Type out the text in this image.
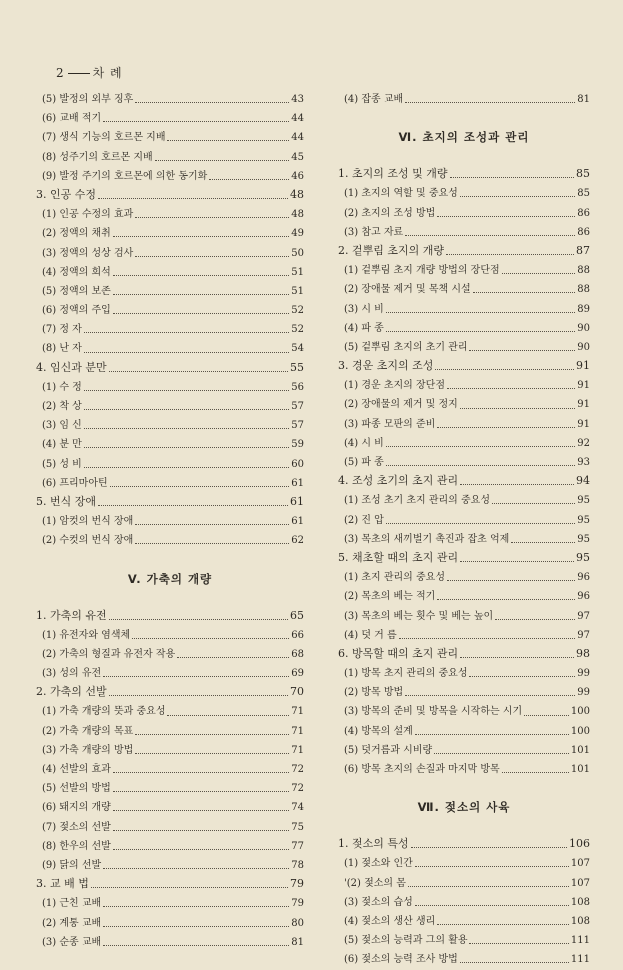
2 차 례
(5) 발정의 외부 징후	43
(6) 교배 적기	44
(7) 생식 기능의 호르몬 지배	44
(8) 성주기의 호르몬 지배	45
(9) 발정 주기의 호르몬에 의한 동기화	46
3. 인공 수정	48
(1) 인공 수정의 효과	48
(2) 정액의 채취	49
(3) 정액의 성상 검사	50
(4) 정액의 희석	51
(5) 정액의 보존	51
(6) 정액의 주입	52
(7) 정 자	52
(8) 난 자	54
4. 임신과 분만	55
(1) 수 정	56
(2) 착 상	57
(3) 임 신	57
(4) 분 만	59
(5) 성 비	60
(6) 프리마아틴	61
5. 번식 장애	61
(1) 암컷의 번식 장애	61
(2) 수컷의 번식 장애	62
V. 가축의 개량
1. 가축의 유전	65
(1) 유전자와 염색체	66
(2) 가축의 형질과 유전자 작용	68
(3) 성의 유전	69
2. 가축의 선발	70
(1) 가축 개량의 뜻과 중요성	71
(2) 가축 개량의 목표	71
(3) 가축 개량의 방법	71
(4) 선발의 효과	72
(5) 선발의 방법	72
(6) 돼지의 개량	74
(7) 젖소의 선발	75
(8) 한우의 선발	77
(9) 닭의 선발	78
3. 교 배 법	79
(1) 근친 교배	79
(2) 계통 교배	80
(3) 순종 교배	81
(4) 잡종 교배	81
Ⅵ. 초지의 조성과 관리
1. 초지의 조성 및 개량	85
(1) 초지의 역할 및 중요성	85
(2) 초지의 조성 방법	86
(3) 참고 자료	86
2. 겉뿌림 초지의 개량	87
(1) 겉뿌림 초지 개량 방법의 장단점	88
(2) 장애물 제거 및 목책 시설	88
(3) 시 비	89
(4) 파 종	90
(5) 겉뿌림 초지의 초기 관리	90
3. 경운 초지의 조성	91
(1) 경운 초지의 장단점	91
(2) 장애물의 제거 및 정지	91
(3) 파종 모판의 준비	91
(4) 시 비	92
(5) 파 종	93
4. 조성 초기의 초지 관리	94
(1) 조성 초기 초지 관리의 중요성	95
(2) 진 압	95
(3) 목초의 새끼벌기 촉진과 잡초 억제	95
5. 채초할 때의 초지 관리	95
(1) 초지 관리의 중요성	96
(2) 목초의 베는 적기	96
(3) 목초의 베는 횟수 및 베는 높이	97
(4) 덧 거 름	97
6. 방목할 때의 초지 관리	98
(1) 방목 초지 관리의 중요성	99
(2) 방목 방법	99
(3) 방목의 준비 및 방목을 시작하는 시기	100
(4) 방목의 설계	100
(5) 덧거름과 시비량	101
(6) 방목 초지의 손질과 마지막 방목	101
Ⅶ. 젖소의 사육
1. 젖소의 특성	106
(1) 젖소와 인간	107
'(2) 젖소의 몸	107
(3) 젖소의 습성	108
(4) 젖소의 생산 생리	108
(5) 젖소의 능력과 그의 활용	111
(6) 젖소의 능력 조사 방법	111
